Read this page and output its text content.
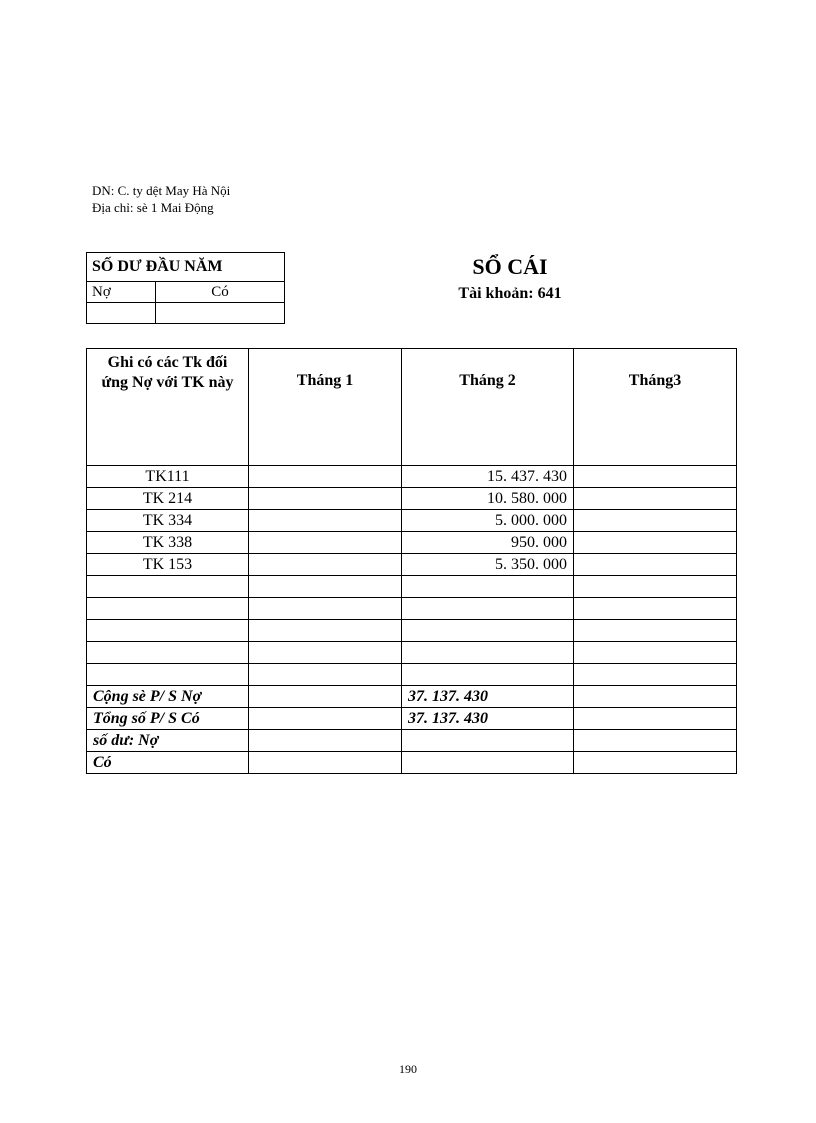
DN: C. ty dệt May Hà Nội
Địa chỉ: sè 1 Mai Động
SỐ DƯ ĐẦU NĂM	
Nợ	Có

SỔ CÁI
Tài khoản: 641
Ghi có các Tk đối ứng Nợ với TK này	Tháng 1	Tháng 2	Tháng3
TK111		15. 437. 430	
TK 214		10. 580. 000	
TK 334		5. 000. 000	
TK 338		950. 000	
TK 153		5. 350. 000	

Cộng sè P/ S Nợ		37. 137. 430	
Tổng số P/ S Có		37. 137. 430	
số dư: Nợ			
Có			
190
